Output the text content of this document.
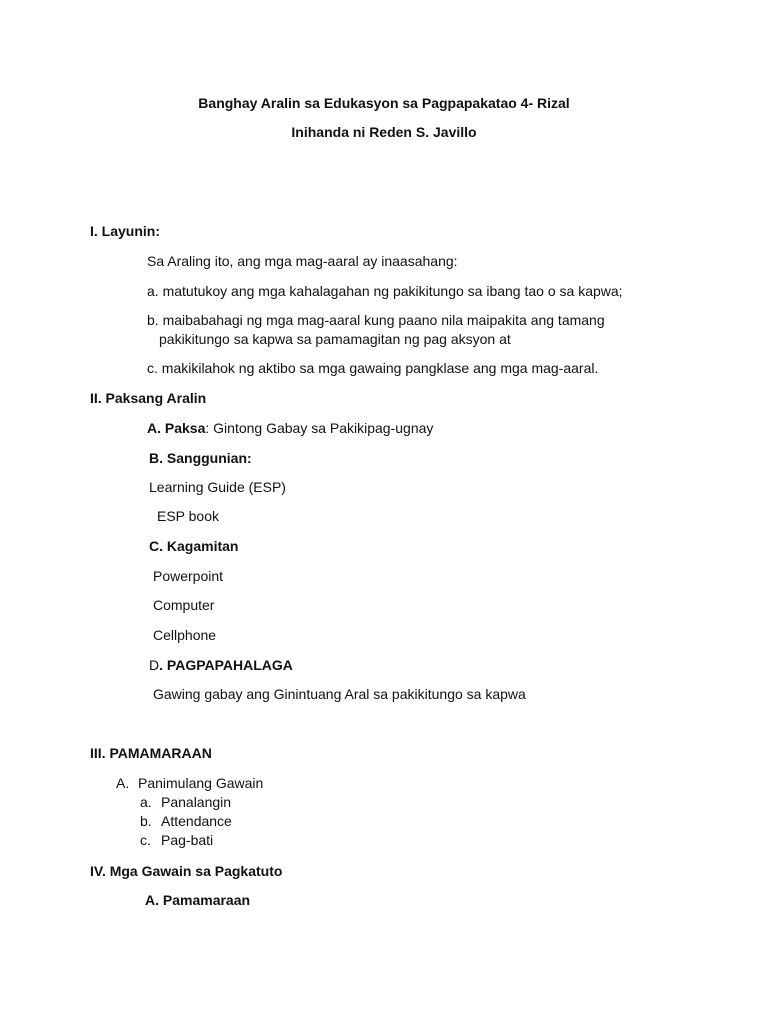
Banghay Aralin sa Edukasyon sa Pagpapakatao 4- Rizal
Inihanda ni Reden S. Javillo
I. Layunin:
Sa Araling ito, ang mga mag-aaral ay inaasahang:
a. matutukoy ang mga kahalagahan ng pakikitungo sa ibang tao o sa kapwa;
b. maibabahagi ng mga mag-aaral kung paano nila maipakita ang tamang
pakikitungo sa kapwa sa pamamagitan ng pag aksyon at
c. makikilahok ng aktibo sa mga gawaing pangklase ang mga mag-aaral.
II. Paksang Aralin
A. Paksa: Gintong Gabay sa Pakikipag-ugnay
B. Sanggunian:
Learning Guide (ESP)
ESP book
C. Kagamitan
Powerpoint
Computer
Cellphone
D. PAGPAPAHALAGA
Gawing gabay ang Ginintuang Aral sa pakikitungo sa kapwa
III. PAMAMARAAN
A. Panimulang Gawain
a. Panalangin
b. Attendance
c. Pag-bati
IV. Mga Gawain sa Pagkatuto
A. Pamamaraan
